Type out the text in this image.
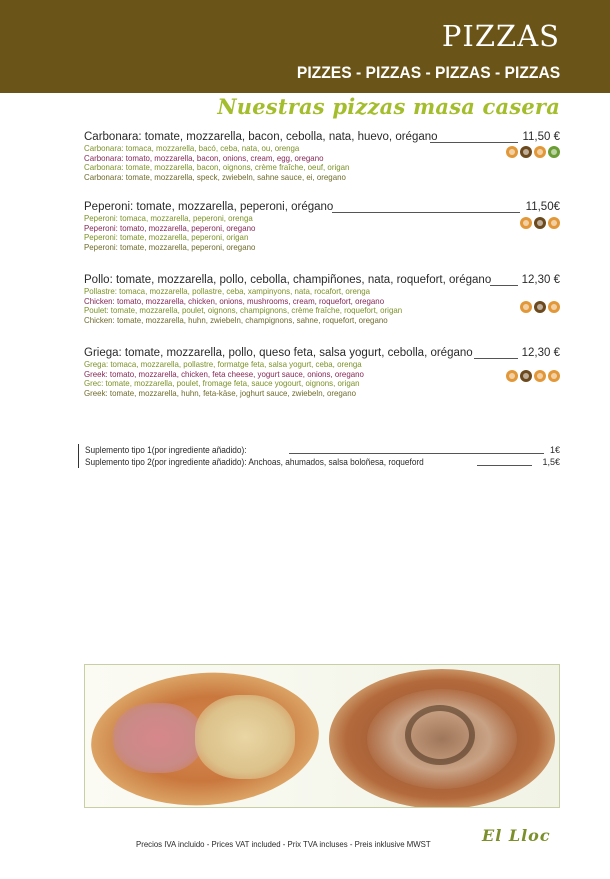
PIZZAS
PIZZES - PIZZAS - PIZZAS - PIZZAS
Nuestras pizzas masa casera
Carbonara: tomate, mozzarella, bacon, cebolla, nata, huevo, orégano	11,50 €
Carbonara: tomaca, mozzarella, bacó, ceba, nata, ou, orenga
Carbonara: tomato, mozzarella, bacon, onions, cream, egg, oregano
Carbonara: tomate, mozzarella, bacon, oignons, crème fraîche, oeuf, origan
Carbonara: tomate, mozzarella, speck, zwiebeln, sahne sauce, ei, oregano
Peperoni: tomate, mozzarella, peperoni, orégano	11,50€
Peperoni: tomaca, mozzarella, peperoni, orenga
Peperoni: tomato, mozzarella, peperoni, oregano
Peperoni: tomate, mozzarella, peperoni, origan
Peperoni: tomate, mozzarella, peperoni, oregano
Pollo: tomate, mozzarella, pollo, cebolla, champiñones, nata, roquefort, orégano	12,30 €
Pollastre: tomaca, mozzarella, pollastre, ceba, xampinyons, nata, rocafort, orenga
Chicken: tomato, mozzarella, chicken, onions, mushrooms, cream, roquefort, oregano
Poulet: tomate, mozzarella, poulet, oignons, champignons, crème fraîche, roquefort, origan
Chicken: tomate, mozzarella, huhn, zwiebeln, champignons, sahne, roquefort, oregano
Griega: tomate, mozzarella, pollo, queso feta, salsa yogurt, cebolla, orégano	12,30 €
Grega: tomaca, mozzarella, pollastre, formatge feta, salsa yogurt, ceba, orenga
Greek: tomato, mozzarella, chicken, feta cheese, yogurt sauce, onions, oregano
Grec: tomate, mozzarella, poulet, fromage feta, sauce yogourt, oignons, origan
Greek: tomate, mozzarella, huhn, feta-käse, joghurt sauce, zwiebeln, oregano
Suplemento tipo 1(por ingrediente añadido):	1€
Suplemento tipo 2(por ingrediente añadido): Anchoas, ahumados, salsa boloñesa, roqueford	1,5€
Precios IVA incluido - Prices VAT included - Prix TVA incluses - Preis inklusive MWST	El Lloc
